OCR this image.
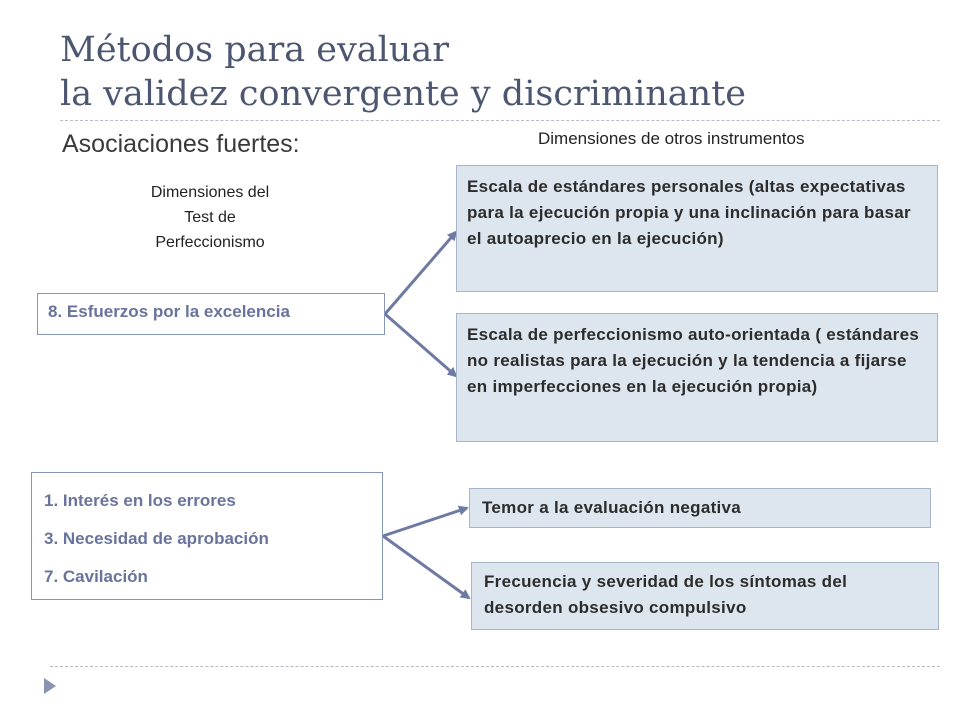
Métodos para evaluar
la validez convergente y discriminante
Asociaciones fuertes:	Dimensiones de otros instrumentos
Dimensiones del
Test de
Perfeccionismo
8. Esfuerzos por la excelencia
1. Interés en los errores
3. Necesidad de aprobación
7. Cavilación
Escala de estándares personales (altas expectativas para la ejecución propia y una inclinación para basar el autoaprecio en la ejecución)
Escala de perfeccionismo auto-orientada ( estándares no realistas para la ejecución y la tendencia a fijarse en imperfecciones en la ejecución propia)
Temor a la evaluación negativa
Frecuencia y severidad de los síntomas del desorden obsesivo compulsivo
